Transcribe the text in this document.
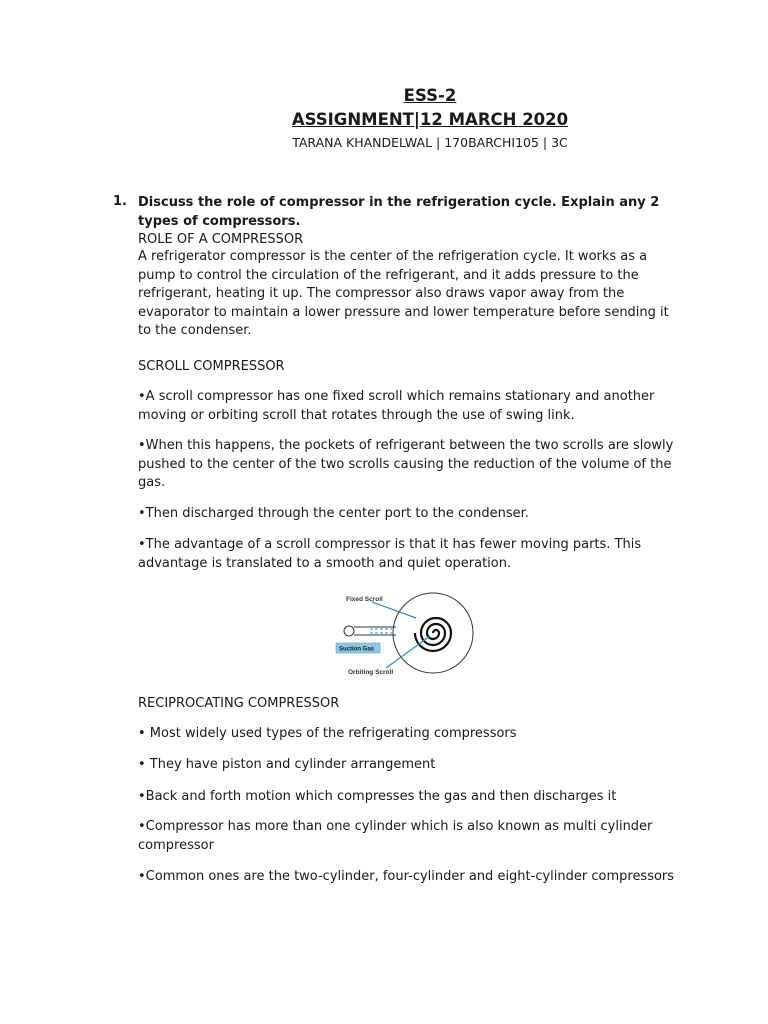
ESS-2
ASSIGNMENT|12 MARCH 2020
TARANA KHANDELWAL | 170BARCHI105 | 3C
1. Discuss the role of compressor in the refrigeration cycle. Explain any 2 types of compressors.
ROLE OF A COMPRESSOR
A refrigerator compressor is the center of the refrigeration cycle. It works as a pump to control the circulation of the refrigerant, and it adds pressure to the refrigerant, heating it up. The compressor also draws vapor away from the evaporator to maintain a lower pressure and lower temperature before sending it to the condenser.
SCROLL COMPRESSOR
•A scroll compressor has one fixed scroll which remains stationary and another moving or orbiting scroll that rotates through the use of swing link.
•When this happens, the pockets of refrigerant between the two scrolls are slowly pushed to the center of the two scrolls causing the reduction of the volume of the gas.
•Then discharged through the center port to the condenser.
•The advantage of a scroll compressor is that it has fewer moving parts. This advantage is translated to a smooth and quiet operation.
Fixed Scroll
Suction Gas
Orbiting Scroll
RECIPROCATING COMPRESSOR
• Most widely used types of the refrigerating compressors
• They have piston and cylinder arrangement
•Back and forth motion which compresses the gas and then discharges it
•Compressor has more than one cylinder which is also known as multi cylinder compressor
•Common ones are the two-cylinder, four-cylinder and eight-cylinder compressors
